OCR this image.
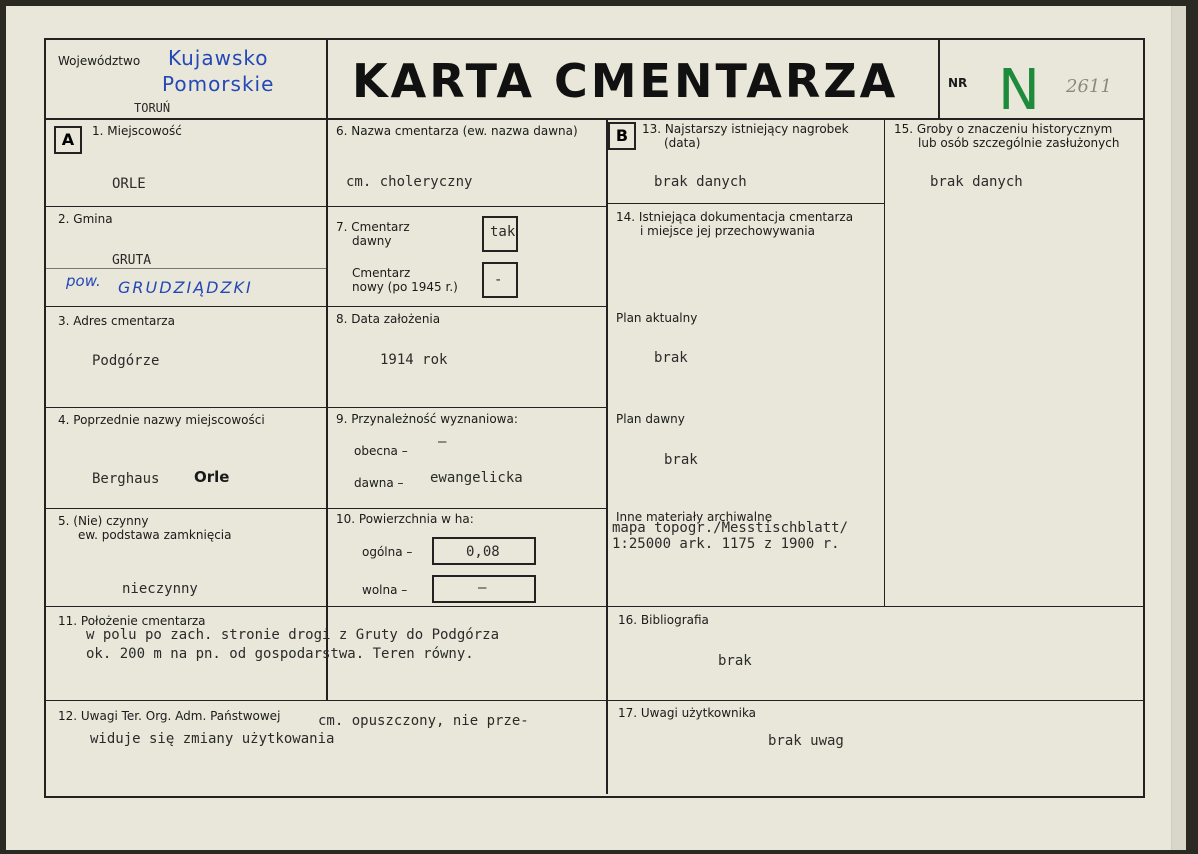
Województwo Kujawsko
Pomorskie
TORUŃ	KARTA CMENTARZA	NR N 2611
A	B
1. Miejscowość
ORLE
6. Nazwa cmentarza (ew. nazwa dawna)
cm. choleryczny
13. Najstarszy istniejący nagrobek
(data)
brak danych
15. Groby o znaczeniu historycznym
lub osób szczególnie zasłużonych
brak danych
2. Gmina
GRUTA
pow. GRUDZIĄDZKI
7. Cmentarz
dawny
tak
Cmentarz
nowy (po 1945 r.)	-
14. Istniejąca dokumentacja cmentarza
i miejsce jej przechowywania
Plan aktualny
brak
3. Adres cmentarza
Podgórze
8. Data założenia
1914 rok
Plan dawny
brak
4. Poprzednie nazwy miejscowości
Berghaus Orle
9. Przynależność wyznaniowa:
obecna –
–
dawna – ewangelicka
Inne materiały archiwalne
mapa topogr./Messtischblatt/
1:25000 ark. 1175 z 1900 r.
5. (Nie) czynny
ew. podstawa zamknięcia
nieczynny
10. Powierzchnia w ha:
ogólna –	0,08
wolna –	–
11. Położenie cmentarza
w polu po zach. stronie drogi z Gruty do Podgórza
ok. 200 m na pn. od gospodarstwa. Teren równy.
16. Bibliografia
brak
12. Uwagi Ter. Org. Adm. Państwowej	cm. opuszczony, nie prze-
widuje się zmiany użytkowania
17. Uwagi użytkownika
brak uwag
